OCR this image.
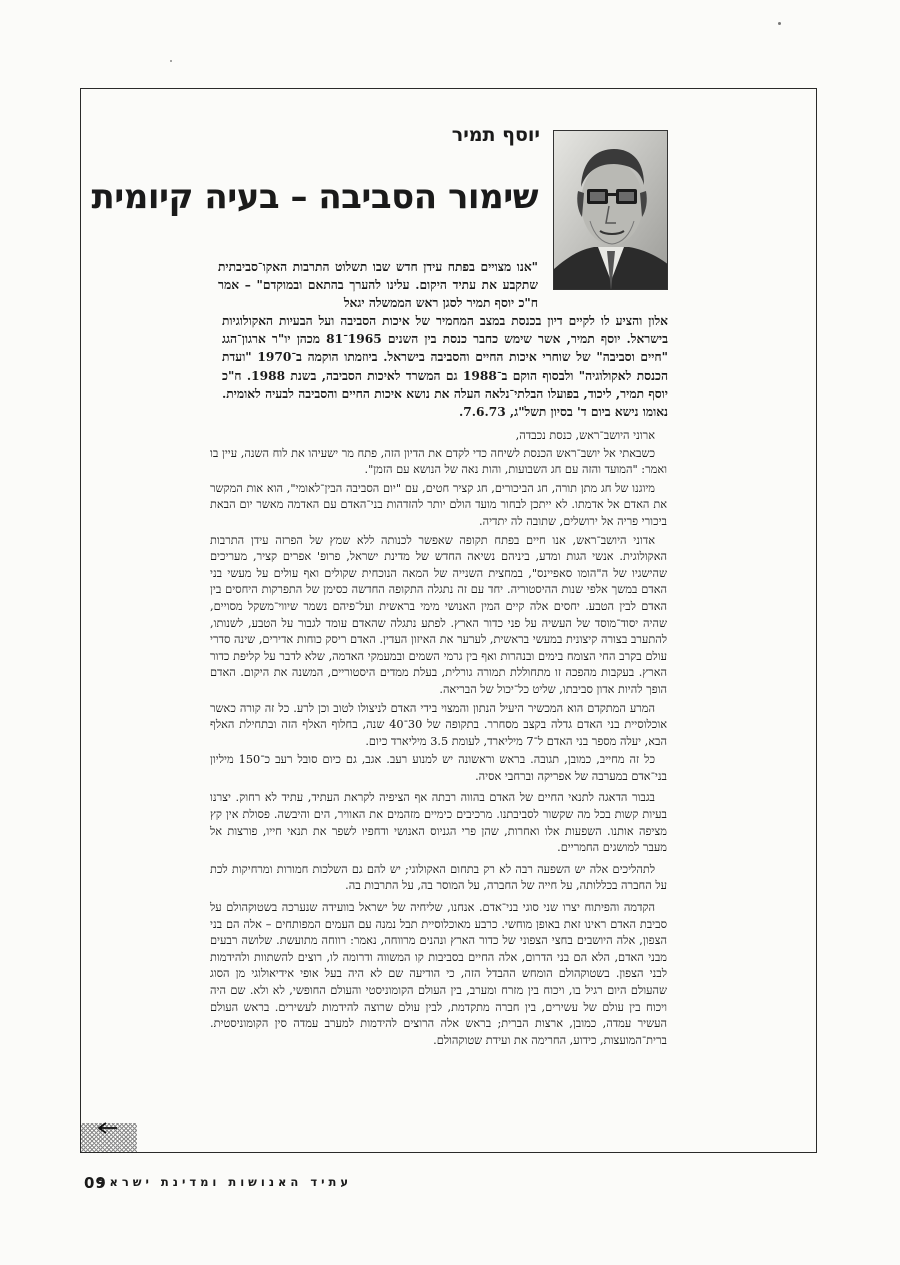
יוסף תמיר
שימור הסביבה – בעיה קיומית
"אנו מצויים בפתח עידן חדש שבו תשלוט התרבות האקו־סביבתית שתקבע את עתיד היקום. עלינו להערך בהתאם ובמוקדם" – אמר ח"כ יוסף תמיר לסגן ראש הממשלה יגאל
אלון והציע לו לקיים דיון בכנסת במצב המחמיר של איכות הסביבה ועל הבעיות האקולוגיות בישראל. יוסף תמיר, אשר שימש כחבר כנסת בין השנים 1965־81 מכהן יו"ר ארגון־הגג "חיים וסביבה" של שוחרי איכות החיים והסביבה בישראל. ביוזמתו הוקמה ב־1970 "ועדת הכנסת לאקולוגיה" ולבסוף הוקם ב־1988 גם המשרד לאיכות הסביבה, בשנת 1988. ח"כ יוסף תמיר, ליכוד, בפועלו הבלתי־נלאה העלה את נושא איכות החיים והסביבה לבעיה לאומית. נאומו נישא ביום ד' בסיון תשל"ג, 7.6.73.

ארוני היושב־ראש, כנסת נכבדה,

כשבאתי אל יושב־ראש הכנסת לשיחה כדי לקדם את הדיון הזה, פתח מר ישעיהו את לוח השנה, עיין בו ואמר: "המועד והזה עם חג השבועות, והות נאה של הנושא עם הזמן".

מיוגנו של חג מתן תורה, חג הביכורים, חג קציר חטים, עם "יום הסביבה הבין־לאומי", הוא אות המקשר את האדם אל אדמתו. לא ייתכן לבחור מועד הולם יותר להזדהות בני־האדם עם האדמה מאשר יום הבאת ביכורי פריה אל ירושלים, שתובה לה יתדיה.

אדוני היושב־ראש, אנו חיים בפתח תקופה שאפשר לכנותה ללא שמץ של הפרזה עידן התרבות האקולוגית. אנשי הגות ומדע, ביניהם נשיאה החדש של מדינת ישראל, פרופ' אפרים קציר, מעריכים שהישגיו של ה"הומו סאפיינס", במחצית השנייה של המאה הנוכחית שקולים ואף עולים על מעשי בני האדם במשך אלפי שנות ההיסטוריה. יחד עם זה נתגלה התקופה החדשה כסימן של התפרקות היחסים בין האדם לבין הטבע. יחסים אלה קיים המין האנושי מימי בראשית ועל־פיהם נשמר שיווי־משקל מסויים, שהיה יסוד־מוסד של העשיה על פני כדור הארץ. לפתע נתגלה שהאדם עומד לגבור על הטבע, לשנותו, להתערב בצורה קיצונית במעשי בראשית, לערער את האיזון העדין. האדם ריסק כוחות אדירים, שינה סדרי עולם בקרב החי הצומח בימים ובנהרות ואף בין גרמי השמים ובמעמקי האדמה, שלא לדבר על קליפת כדור הארץ. בעקבות מהפכה זו מתחוללת תמורה גורלית, בעלת ממדים היסטוריים, המשנה את היקום. האדם הופך להיות אדון סביבתו, שליט כל־יכול של הבריאה.

המרע המתקדם הוא המכשיר היעיל הנתון והמצוי בידי האדם לניצולו לטוב וכן לרע. כל זה קורה כאשר אוכלוסיית בני האדם גדלה בקצב מסחרר. בתקופה של 30־40 שנה, בחלוף האלף הזה ובתחילת האלף הבא, יעלה מספר בני האדם ל־7 מיליארד, לעומת 3.5 מיליארד כיום.

כל זה מחייב, כמובן, תגובה. בראש וראשונה יש למנוע רעב. אגב, גם כיום סובל רעב כ־150 מיליון בני־אדם במערבה של אפריקה וברחבי אסיה.

בגבור הדאגה לתנאי החיים של האדם בהווה רבתה אף הציפיה לקראת העתיד, עתיד לא רחוק. יצרנו בעיות קשות בכל מה שקשור לסביבתנו. מרכיבים כימיים מזהמים את האוויר, הים והיבשה. פסולת אין קץ מציפה אותנו. השפעות אלו ואחרות, שהן פרי הגניוס האנושי ודחפיו לשפר את תנאי חייו, פורצות אל מעבר למושגים החמריים.

לתהליכים אלה יש השפעה רבה לא רק בתחום האקולוגי; יש להם גם השלכות חמורות ומרחיקות לכת על החברה בכללותה, על חייה של החברה, על המוסר בה, על התרבות בה.

הקדמה והפיתוח יצרו שני סוגי בני־אדם. אנחנו, שליחיה של ישראל בוועידה שנערכה בשטוקהולם על סביבת האדם ראינו זאת באופן מוחשי. כרבע מאוכלוסיית תבל נמנה עם העמים המפותחים – אלה הם בני הצפון, אלה היושבים בחצי הצפוני של כדור הארץ ונהנים מרווחה, נאמר: רווחה מתועשת. שלושה רבעים מבני האדם, הלא הם בני הדרום, אלה החיים בסביבות קו המשווה ודרומה לו, רוצים להשתוות ולהידמות לבני הצפון. בשטוקהולם הומחש ההבדל הזה, כי הודיעה שם לא היה בעל אופי אידיאולוגי מן הסוג שהעולם היום רגיל בו, ויכוח בין מזרח ומערב, בין העולם הקומוניסטי והעולם החופשי, לא ולא. שם היה ויכוח בין עולם של עשירים, בין חברה מתקדמת, לבין עולם שרוצה להידמות לעשירים. בראש העולם העשיר עמדה, כמובן, ארצות הברית; בראש אלה הרוצים להידמות למערב עמדה סין הקומוניסטית. ברית־המועצות, כידוע, החרימה את ועידת שטוקהולם.

09
עתיד האנושות ומדינת ישראל
